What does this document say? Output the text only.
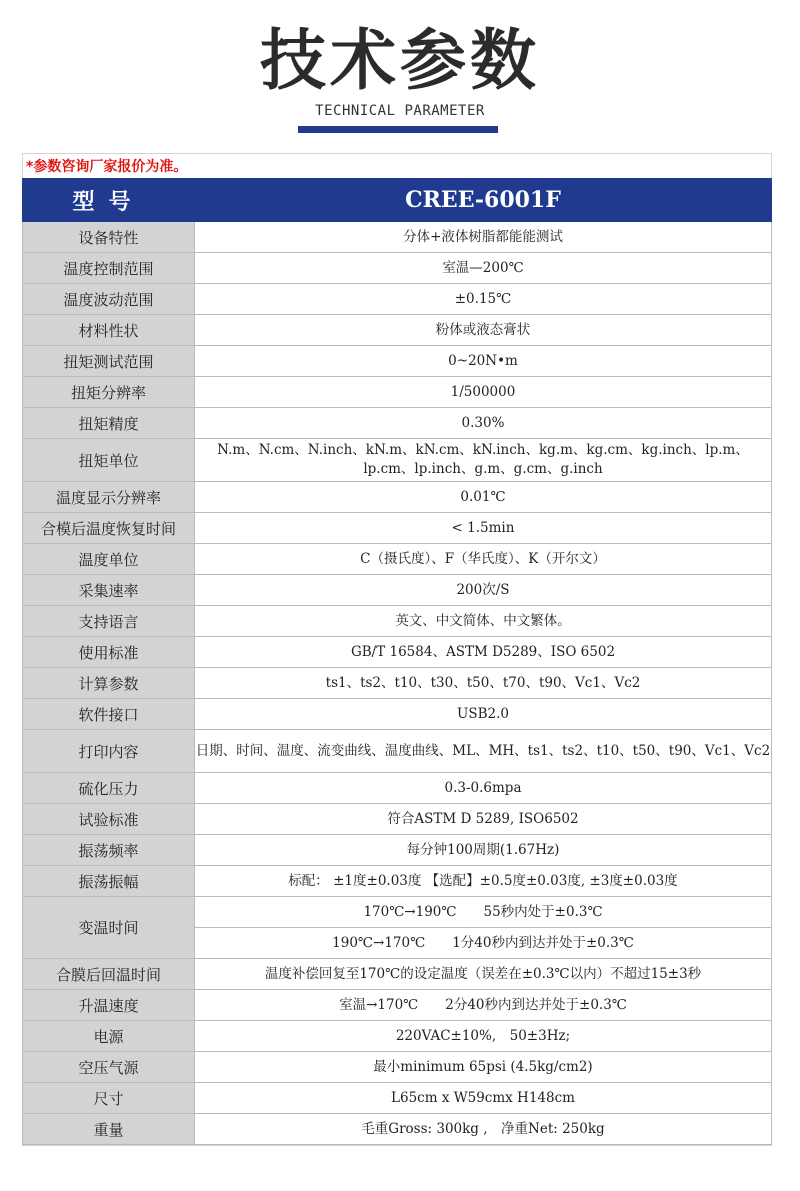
技术参数
TECHNICAL PARAMETER
*参数咨询厂家报价为准。
型号	CREE-6001F
设备特性	分体+液体树脂都能能测试
温度控制范围	室温—200℃
温度波动范围	±0.15℃
材料性状	粉体或液态膏状
扭矩测试范围	0~20N•m
扭矩分辨率	1/500000
扭矩精度	0.30%
扭矩单位	N.m、N.cm、N.inch、kN.m、kN.cm、kN.inch、kg.m、kg.cm、kg.inch、lp.m、lp.cm、lp.inch、g.m、g.cm、g.inch
温度显示分辨率	0.01℃
合模后温度恢复时间	< 1.5min
温度单位	C（摄氏度）、F（华氏度）、K（开尔文）
采集速率	200次/S
支持语言	英文、中文简体、中文繁体。
使用标准	GB/T 16584、ASTM D5289、ISO 6502
计算参数	ts1、ts2、t10、t30、t50、t70、t90、Vc1、Vc2
软件接口	USB2.0
打印内容	日期、时间、温度、流变曲线、温度曲线、ML、MH、ts1、ts2、t10、t50、t90、Vc1、Vc2
硫化压力	0.3-0.6mpa
试验标准	符合ASTM D 5289, ISO6502
振荡频率	每分钟100周期(1.67Hz)
振荡振幅	标配： ±1度±0.03度 【选配】±0.5度±0.03度, ±3度±0.03度
变温时间	170℃→190℃　　55秒内处于±0.3℃
	190℃→170℃　　1分40秒内到达并处于±0.3℃
合膜后回温时间	温度补偿回复至170℃的设定温度（误差在±0.3℃以内）不超过15±3秒
升温速度	室温→170℃　　2分40秒内到达并处于±0.3℃
电源	220VAC±10%,　50±3Hz;
空压气源	最小minimum 65psi (4.5kg/cm2)
尺寸	L65cm x W59cmx H148cm
重量	毛重Gross: 300kg ,　净重Net: 250kg
